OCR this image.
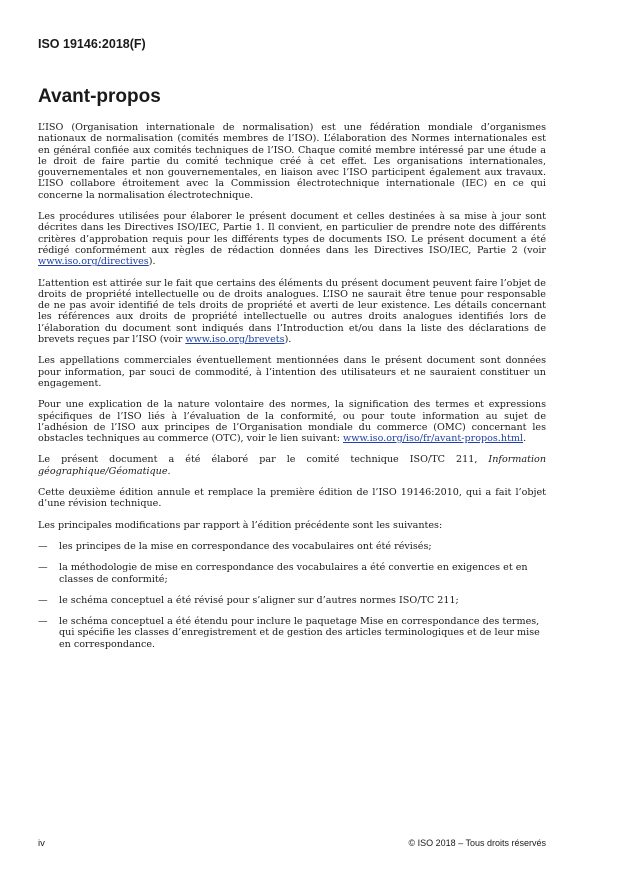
ISO 19146:2018(F)

Avant-propos

L’ISO (Organisation internationale de normalisation) est une fédération mondiale d’organismes nationaux de normalisation (comités membres de l’ISO). L’élaboration des Normes internationales est en général confiée aux comités techniques de l’ISO. Chaque comité membre intéressé par une étude a le droit de faire partie du comité technique créé à cet effet. Les organisations internationales, gouvernementales et non gouvernementales, en liaison avec l’ISO participent également aux travaux. L’ISO collabore étroitement avec la Commission électrotechnique internationale (IEC) en ce qui concerne la normalisation électrotechnique.

Les procédures utilisées pour élaborer le présent document et celles destinées à sa mise à jour sont décrites dans les Directives ISO/IEC, Partie 1. Il convient, en particulier de prendre note des différents critères d’approbation requis pour les différents types de documents ISO. Le présent document a été rédigé conformément aux règles de rédaction données dans les Directives ISO/IEC, Partie 2 (voir www.iso.org/directives).

L’attention est attirée sur le fait que certains des éléments du présent document peuvent faire l’objet de droits de propriété intellectuelle ou de droits analogues. L’ISO ne saurait être tenue pour responsable de ne pas avoir identifié de tels droits de propriété et averti de leur existence. Les détails concernant les références aux droits de propriété intellectuelle ou autres droits analogues identifiés lors de l’élaboration du document sont indiqués dans l’Introduction et/ou dans la liste des déclarations de brevets reçues par l’ISO (voir www.iso.org/brevets).

Les appellations commerciales éventuellement mentionnées dans le présent document sont données pour information, par souci de commodité, à l’intention des utilisateurs et ne sauraient constituer un engagement.

Pour une explication de la nature volontaire des normes, la signification des termes et expressions spécifiques de l’ISO liés à l’évaluation de la conformité, ou pour toute information au sujet de l’adhésion de l’ISO aux principes de l’Organisation mondiale du commerce (OMC) concernant les obstacles techniques au commerce (OTC), voir le lien suivant: www.iso.org/iso/fr/avant-propos.html.

Le présent document a été élaboré par le comité technique ISO/TC 211, Information géographique/Géomatique.

Cette deuxième édition annule et remplace la première édition de l’ISO 19146:2010, qui a fait l’objet d’une révision technique.

Les principales modifications par rapport à l’édition précédente sont les suivantes:

— les principes de la mise en correspondance des vocabulaires ont été révisés;
— la méthodologie de mise en correspondance des vocabulaires a été convertie en exigences et en classes de conformité;
— le schéma conceptuel a été révisé pour s’aligner sur d’autres normes ISO/TC 211;
— le schéma conceptuel a été étendu pour inclure le paquetage Mise en correspondance des termes, qui spécifie les classes d’enregistrement et de gestion des articles terminologiques et de leur mise en correspondance.
iv	© ISO 2018 – Tous droits réservés
